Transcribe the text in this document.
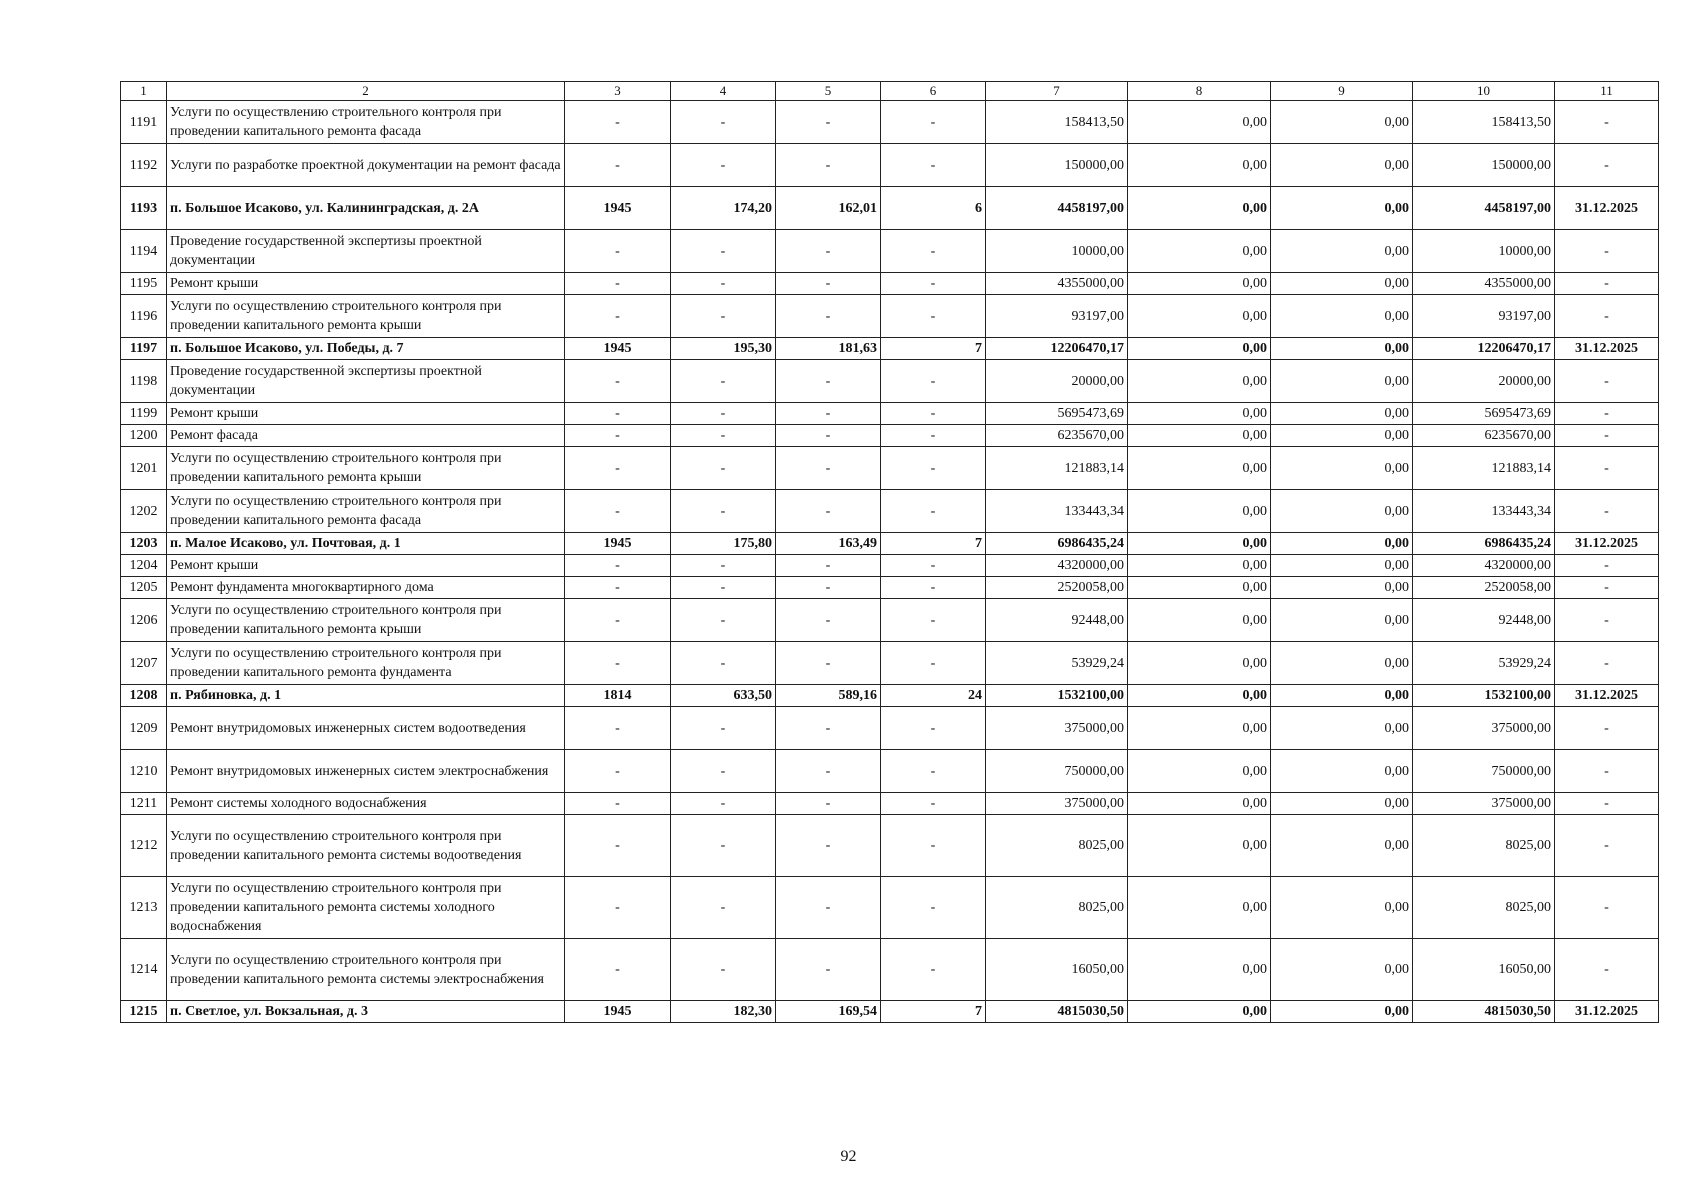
1	2	3	4	5	6	7	8	9	10	11
1191	Услуги по осуществлению строительного контроля при проведении капитального ремонта фасада	-	-	-	-	158413,50	0,00	0,00	158413,50	-
1192	Услуги по разработке проектной документации на ремонт фасада	-	-	-	-	150000,00	0,00	0,00	150000,00	-
1193	п. Большое Исаково, ул. Калининградская, д. 2А	1945	174,20	162,01	6	4458197,00	0,00	0,00	4458197,00	31.12.2025
1194	Проведение государственной экспертизы проектной документации	-	-	-	-	10000,00	0,00	0,00	10000,00	-
1195	Ремонт крыши	-	-	-	-	4355000,00	0,00	0,00	4355000,00	-
1196	Услуги по осуществлению строительного контроля при проведении капитального ремонта крыши	-	-	-	-	93197,00	0,00	0,00	93197,00	-
1197	п. Большое Исаково, ул. Победы, д. 7	1945	195,30	181,63	7	12206470,17	0,00	0,00	12206470,17	31.12.2025
1198	Проведение государственной экспертизы проектной документации	-	-	-	-	20000,00	0,00	0,00	20000,00	-
1199	Ремонт крыши	-	-	-	-	5695473,69	0,00	0,00	5695473,69	-
1200	Ремонт фасада	-	-	-	-	6235670,00	0,00	0,00	6235670,00	-
1201	Услуги по осуществлению строительного контроля при проведении капитального ремонта крыши	-	-	-	-	121883,14	0,00	0,00	121883,14	-
1202	Услуги по осуществлению строительного контроля при проведении капитального ремонта фасада	-	-	-	-	133443,34	0,00	0,00	133443,34	-
1203	п. Малое Исаково, ул. Почтовая, д. 1	1945	175,80	163,49	7	6986435,24	0,00	0,00	6986435,24	31.12.2025
1204	Ремонт крыши	-	-	-	-	4320000,00	0,00	0,00	4320000,00	-
1205	Ремонт фундамента многоквартирного дома	-	-	-	-	2520058,00	0,00	0,00	2520058,00	-
1206	Услуги по осуществлению строительного контроля при проведении капитального ремонта крыши	-	-	-	-	92448,00	0,00	0,00	92448,00	-
1207	Услуги по осуществлению строительного контроля при проведении капитального ремонта фундамента	-	-	-	-	53929,24	0,00	0,00	53929,24	-
1208	п. Рябиновка, д. 1	1814	633,50	589,16	24	1532100,00	0,00	0,00	1532100,00	31.12.2025
1209	Ремонт внутридомовых инженерных систем водоотведения	-	-	-	-	375000,00	0,00	0,00	375000,00	-
1210	Ремонт внутридомовых инженерных систем электроснабжения	-	-	-	-	750000,00	0,00	0,00	750000,00	-
1211	Ремонт системы холодного водоснабжения	-	-	-	-	375000,00	0,00	0,00	375000,00	-
1212	Услуги по осуществлению строительного контроля при проведении капитального ремонта системы водоотведения	-	-	-	-	8025,00	0,00	0,00	8025,00	-
1213	Услуги по осуществлению строительного контроля при проведении капитального ремонта системы холодного водоснабжения	-	-	-	-	8025,00	0,00	0,00	8025,00	-
1214	Услуги по осуществлению строительного контроля при проведении капитального ремонта системы электроснабжения	-	-	-	-	16050,00	0,00	0,00	16050,00	-
1215	п. Светлое, ул. Вокзальная, д. 3	1945	182,30	169,54	7	4815030,50	0,00	0,00	4815030,50	31.12.2025
92
